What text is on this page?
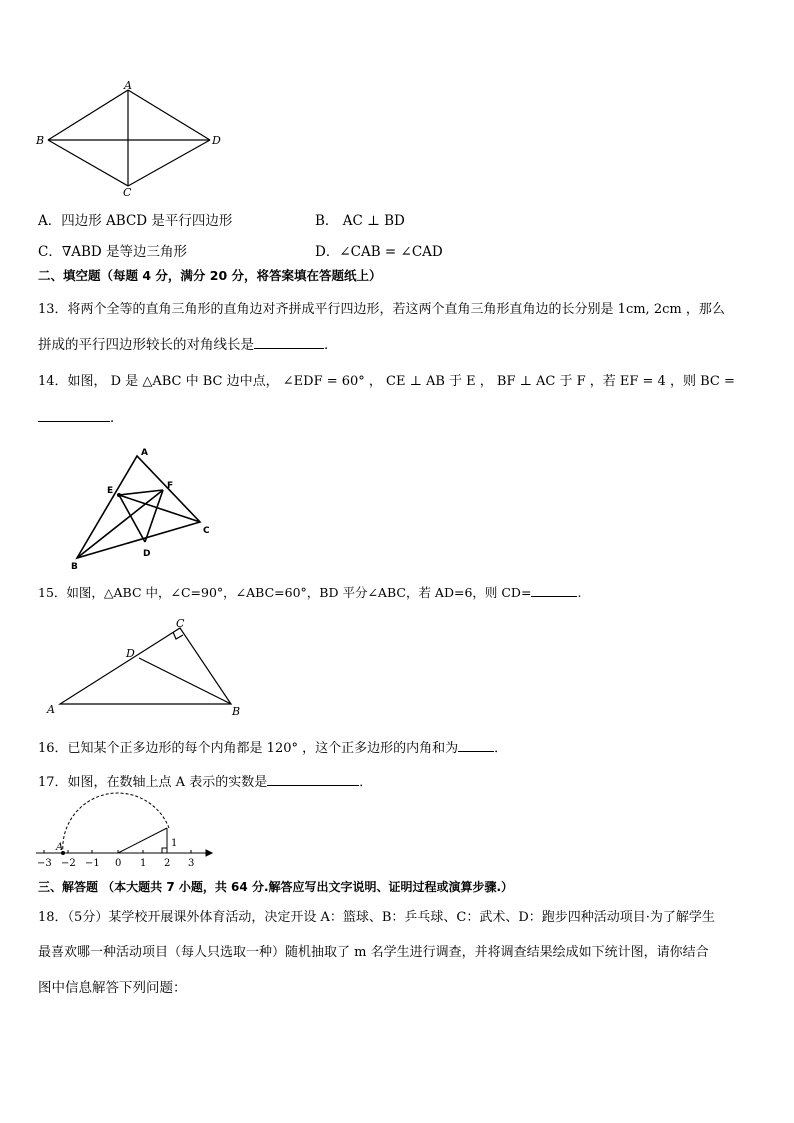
A
B
C
D
A．四边形 ABCD 是平行四边形	B． AC ⊥ BD
C．∇ABD 是等边三角形	D．∠CAB = ∠CAD
二、填空题（每题 4 分，满分 20 分，将答案填在答题纸上）
13．将两个全等的直角三角形的直角边对齐拼成平行四边形，若这两个直角三角形直角边的长分别是 1cm, 2cm ，那么
拼成的平行四边形较长的对角线长是	．
14．如图， D 是 △ABC 中 BC 边中点， ∠EDF = 60° ， CE ⊥ AB 于 E ， BF ⊥ AC 于 F ，若 EF = 4 ，则 BC =
．
A
E	F
C
D
B
15．如图，△ABC 中，∠C=90°，∠ABC=60°，BD 平分∠ABC，若 AD=6，则 CD=	.
C
D
A	B
16．已知某个正多边形的每个内角都是 120° ，这个正多边形的内角和为	．
17．如图，在数轴上点 A 表示的实数是	．
A	1
−3 −2 −1 0 1 2 3
三、解答题 （本大题共 7 小题，共 64 分.解答应写出文字说明、证明过程或演算步骤.）
18．（5分）某学校开展课外体育活动，决定开设 A：篮球、B：乒乓球、C：武术、D：跑步四种活动项目·为了解学生
最喜欢哪一种活动项目（每人只选取一种）随机抽取了 m 名学生进行调查，并将调查结果绘成如下统计图，请你结合
图中信息解答下列问题：
